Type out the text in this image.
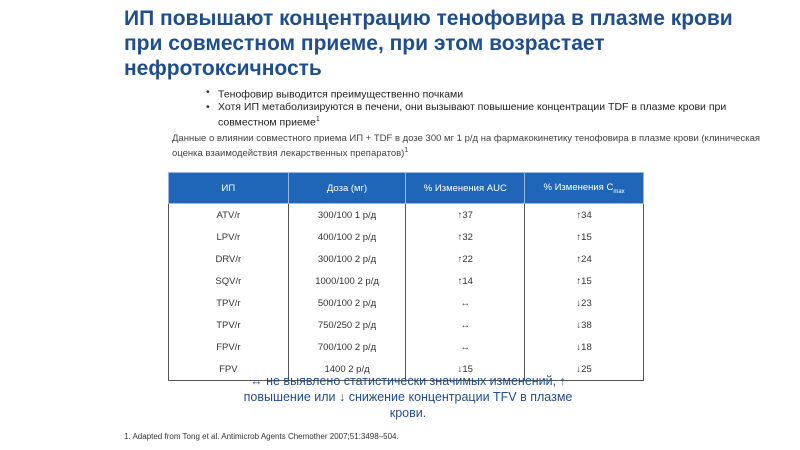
ИП повышают концентрацию тенофовира в плазме крови при совместном приеме, при этом возрастает нефротоксичность
• Тенофовир выводится преимущественно почками
• Хотя ИП метаболизируются в печени, они вызывают повышение концентрации TDF в плазме крови при совместном приеме$^1$
Данные о влиянии совместного приема ИП + TDF в дозе 300 мг 1 р/д на фармакокинетику тенофовира в плазме крови (клиническая оценка взаимодействия лекарственных препаратов)$^1$
ИП	Доза (мг)	% Изменения AUC	% Изменения $C_{max}$
ATV/r	300/100 1 р/д	↑37	↑34
LPV/r	400/100 2 р/д	↑32	↑15
DRV/r	300/100 2 р/д	↑22	↑24
SQV/r	1000/100 2 р/д	↑14	↑15
TPV/r	500/100 2 р/д	↔	↓23
TPV/r	750/250 2 р/д	↔	↓38
FPV/r	700/100 2 р/д	↔	↓18
FPV	1400 2 р/д	↓15	↓25
↔ не выявлено статистически значимых изменений, ↑ повышение или ↓ снижение концентрации TFV в плазме крови.
1. Adapted from Tong et al. Antimicrob Agents Chemother 2007;51:3498–504.
